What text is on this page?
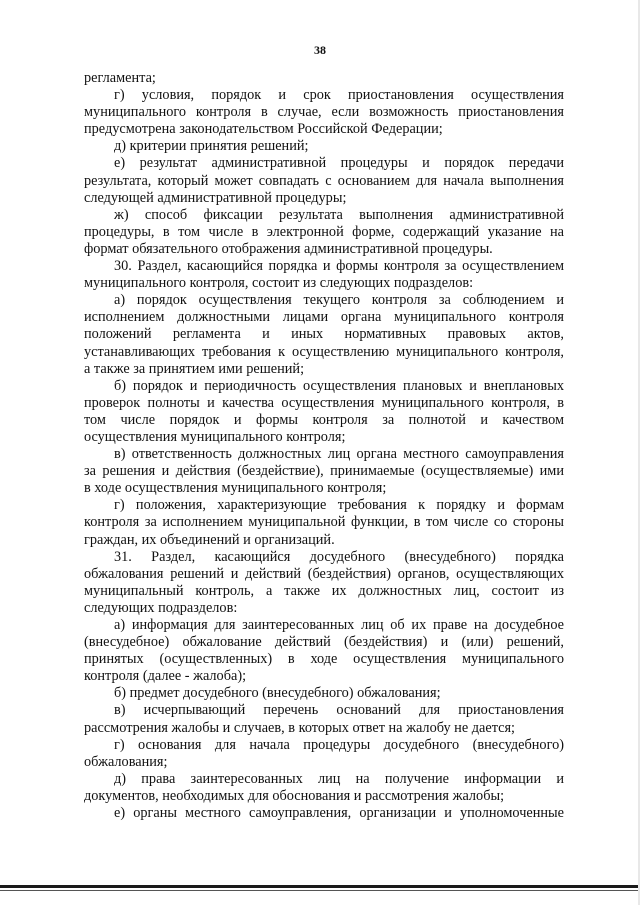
38
регламента;
г) условия, порядок и срок приостановления осуществления
муниципального контроля в случае, если возможность приостановления
предусмотрена законодательством Российской Федерации;
д) критерии принятия решений;
е) результат административной процедуры и порядок передачи
результата, который может совпадать с основанием для начала выполнения
следующей административной процедуры;
ж) способ фиксации результата выполнения административной
процедуры, в том числе в электронной форме, содержащий указание на
формат обязательного отображения административной процедуры.
30. Раздел, касающийся порядка и формы контроля за осуществлением
муниципального контроля, состоит из следующих подразделов:
а) порядок осуществления текущего контроля за соблюдением и
исполнением должностными лицами органа муниципального контроля
положений регламента и иных нормативных правовых актов,
устанавливающих требования к осуществлению муниципального контроля,
а также за принятием ими решений;
б) порядок и периодичность осуществления плановых и внеплановых
проверок полноты и качества осуществления муниципального контроля, в
том числе порядок и формы контроля за полнотой и качеством
осуществления муниципального контроля;
в) ответственность должностных лиц органа местного самоуправления
за решения и действия (бездействие), принимаемые (осуществляемые) ими
в ходе осуществления муниципального контроля;
г) положения, характеризующие требования к порядку и формам
контроля за исполнением муниципальной функции, в том числе со стороны
граждан, их объединений и организаций.
31. Раздел, касающийся досудебного (внесудебного) порядка
обжалования решений и действий (бездействия) органов, осуществляющих
муниципальный контроль, а также их должностных лиц, состоит из
следующих подразделов:
а) информация для заинтересованных лиц об их праве на досудебное
(внесудебное) обжалование действий (бездействия) и (или) решений,
принятых (осуществленных) в ходе осуществления муниципального
контроля (далее - жалоба);
б) предмет досудебного (внесудебного) обжалования;
в) исчерпывающий перечень оснований для приостановления
рассмотрения жалобы и случаев, в которых ответ на жалобу не дается;
г) основания для начала процедуры досудебного (внесудебного)
обжалования;
д) права заинтересованных лиц на получение информации и
документов, необходимых для обоснования и рассмотрения жалобы;
е) органы местного самоуправления, организации и уполномоченные
